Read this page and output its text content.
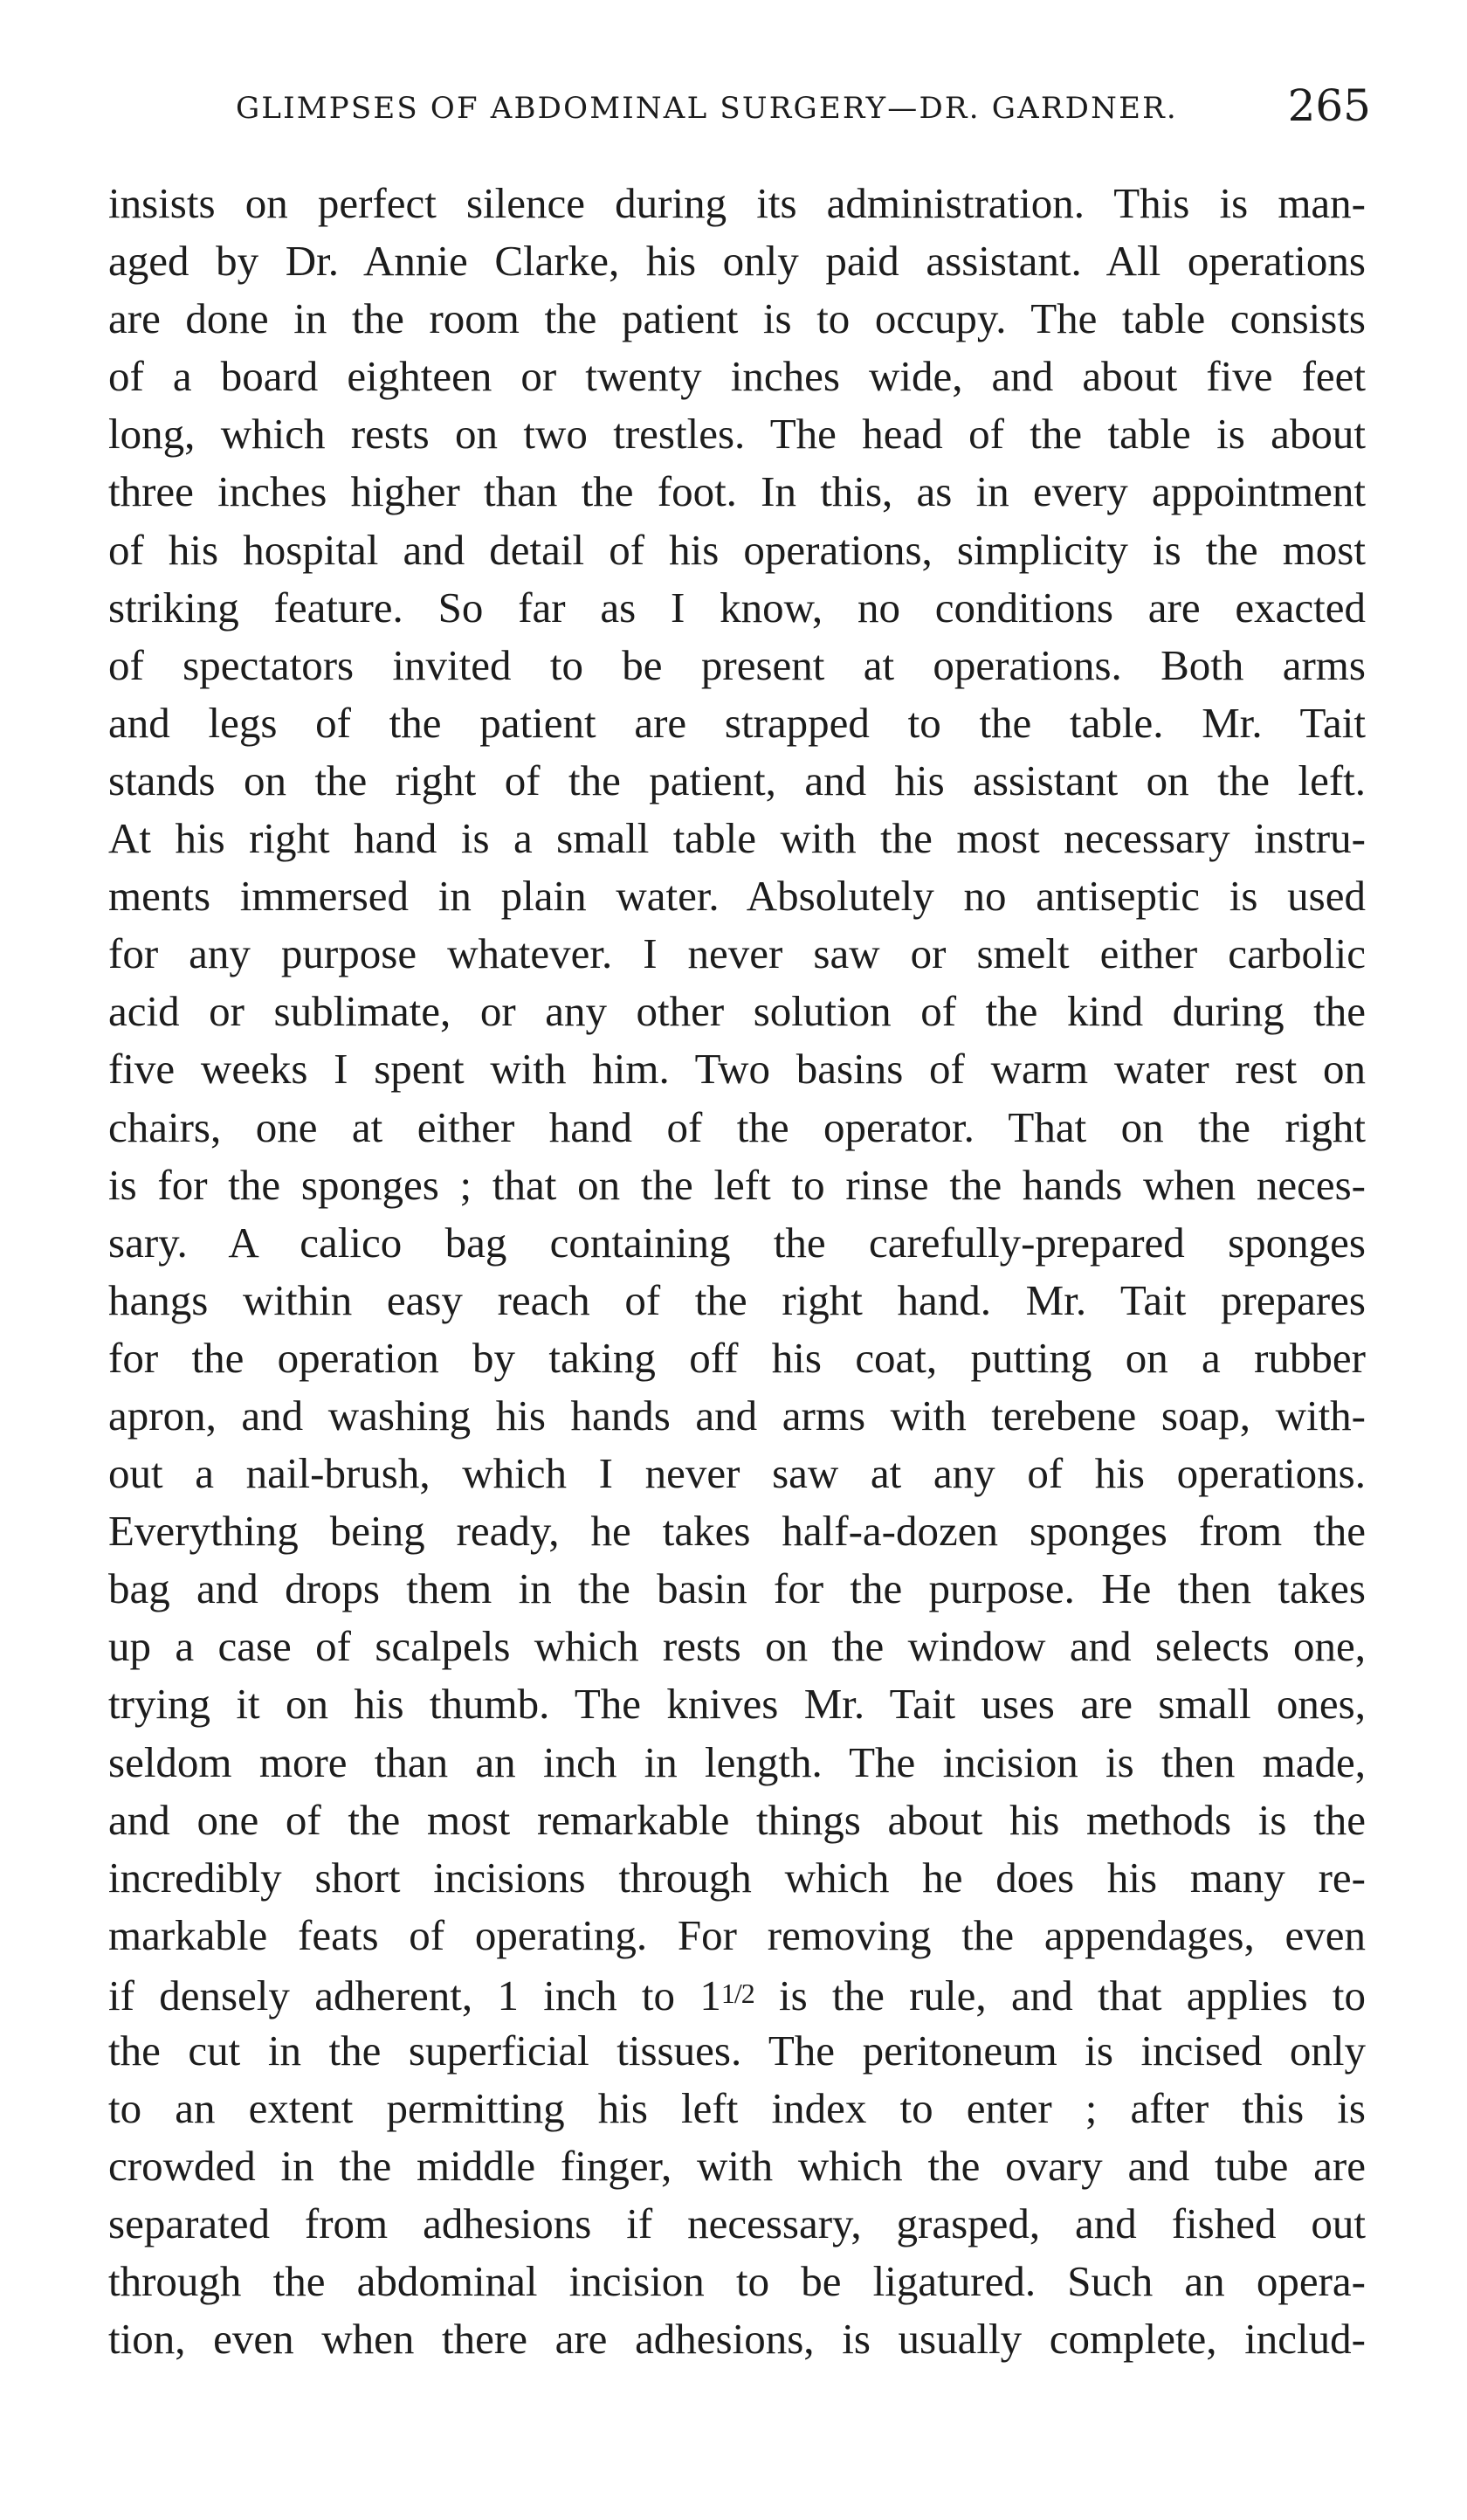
GLIMPSES OF ABDOMINAL SURGERY—DR. GARDNER.	265
insists on perfect silence during its administration. This is man-
aged by Dr. Annie Clarke, his only paid assistant. All operations
are done in the room the patient is to occupy. The table consists
of a board eighteen or twenty inches wide, and about five feet
long, which rests on two trestles. The head of the table is about
three inches higher than the foot. In this, as in every appointment
of his hospital and detail of his operations, simplicity is the most
striking feature. So far as I know, no conditions are exacted
of spectators invited to be present at operations. Both arms
and legs of the patient are strapped to the table. Mr. Tait
stands on the right of the patient, and his assistant on the left.
At his right hand is a small table with the most necessary instru-
ments immersed in plain water. Absolutely no antiseptic is used
for any purpose whatever. I never saw or smelt either carbolic
acid or sublimate, or any other solution of the kind during the
five weeks I spent with him. Two basins of warm water rest on
chairs, one at either hand of the operator. That on the right
is for the sponges ; that on the left to rinse the hands when neces-
sary. A calico bag containing the carefully-prepared sponges
hangs within easy reach of the right hand. Mr. Tait prepares
for the operation by taking off his coat, putting on a rubber
apron, and washing his hands and arms with terebene soap, with-
out a nail-brush, which I never saw at any of his operations.
Everything being ready, he takes half-a-dozen sponges from the
bag and drops them in the basin for the purpose. He then takes
up a case of scalpels which rests on the window and selects one,
trying it on his thumb. The knives Mr. Tait uses are small ones,
seldom more than an inch in length. The incision is then made,
and one of the most remarkable things about his methods is the
incredibly short incisions through which he does his many re-
markable feats of operating. For removing the appendages, even
if densely adherent, 1 inch to 11/2 is the rule, and that applies to
the cut in the superficial tissues. The peritoneum is incised only
to an extent permitting his left index to enter ; after this is
crowded in the middle finger, with which the ovary and tube are
separated from adhesions if necessary, grasped, and fished out
through the abdominal incision to be ligatured. Such an opera-
tion, even when there are adhesions, is usually complete, includ-
